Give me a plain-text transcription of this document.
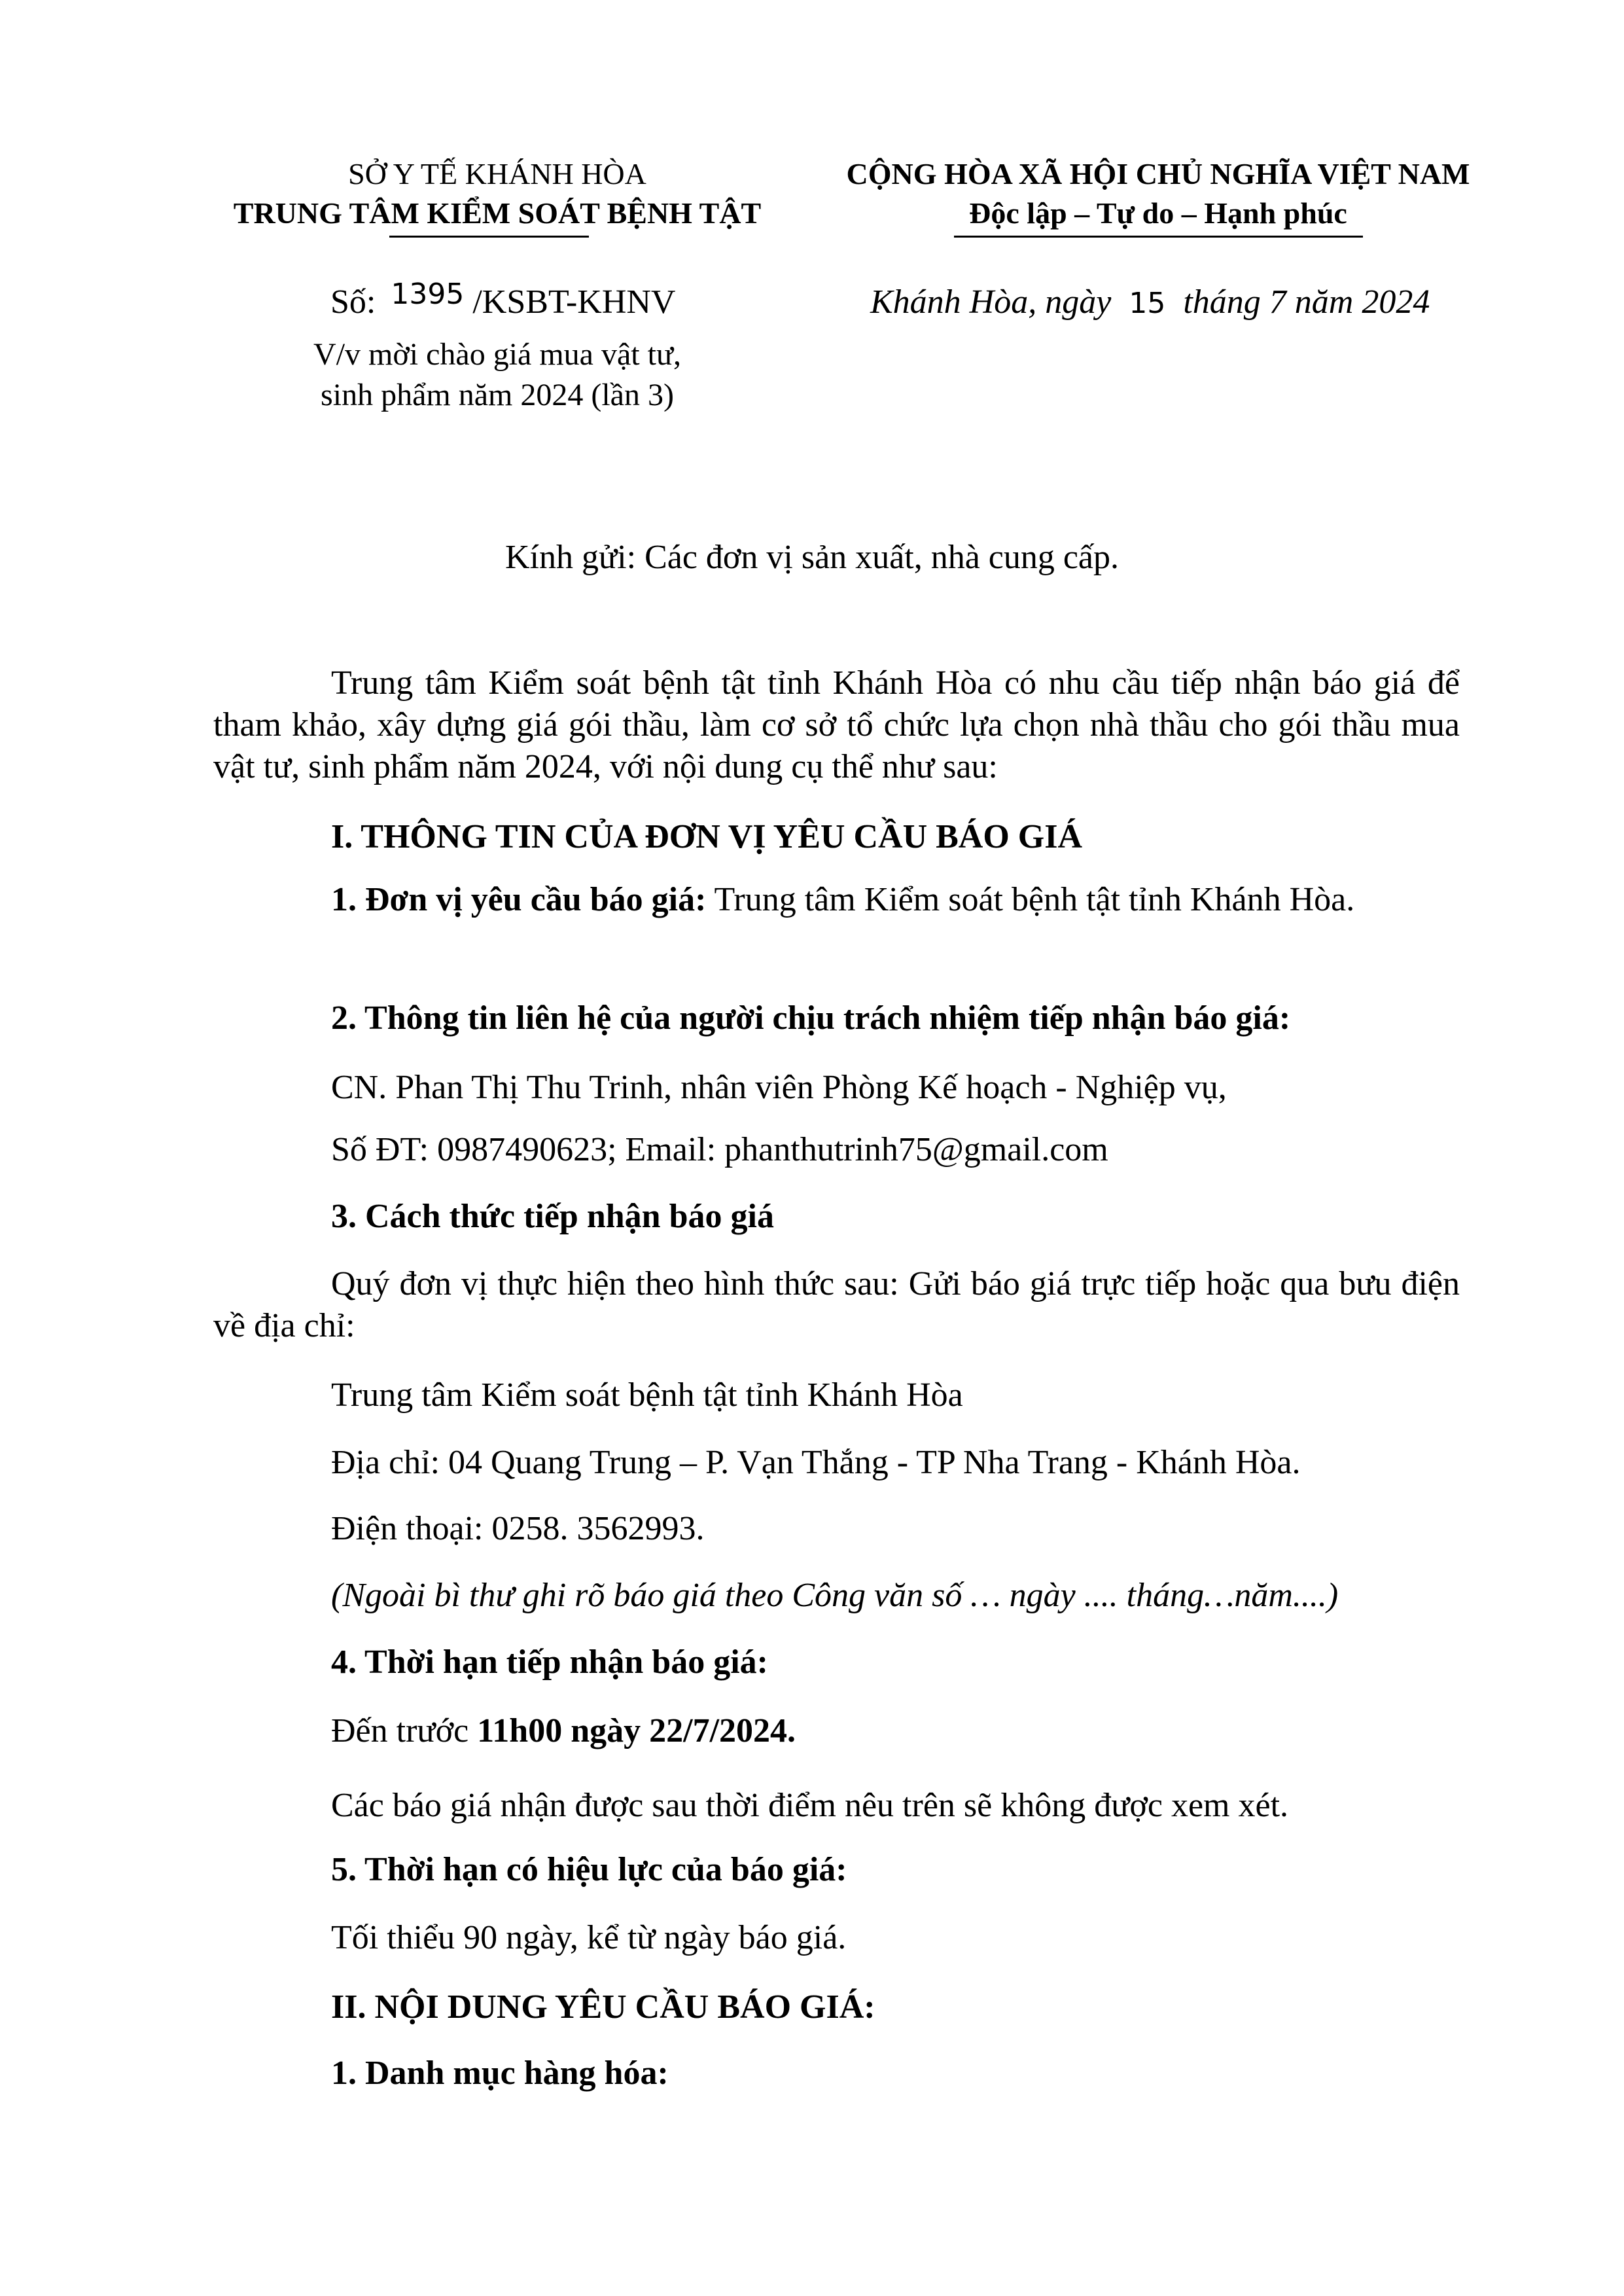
SỞ Y TẾ KHÁNH HÒA
TRUNG TÂM KIỂM SOÁT BỆNH TẬT
Số: $^{1395}$ /KSBT-KHNV
V/v mời chào giá mua vật tư,
sinh phẩm năm 2024 (lần 3)
CỘNG HÒA XÃ HỘI CHỦ NGHĨA VIỆT NAM
Độc lập – Tự do – Hạnh phúc
Khánh Hòa, ngày 15 tháng 7 năm 2024
Kính gửi: Các đơn vị sản xuất, nhà cung cấp.
Trung tâm Kiểm soát bệnh tật tỉnh Khánh Hòa có nhu cầu tiếp nhận báo giá để tham khảo, xây dựng giá gói thầu, làm cơ sở tổ chức lựa chọn nhà thầu cho gói thầu mua vật tư, sinh phẩm năm 2024, với nội dung cụ thể như sau:
I. THÔNG TIN CỦA ĐƠN VỊ YÊU CẦU BÁO GIÁ
1. Đơn vị yêu cầu báo giá: Trung tâm Kiểm soát bệnh tật tỉnh Khánh Hòa.
2. Thông tin liên hệ của người chịu trách nhiệm tiếp nhận báo giá:
CN. Phan Thị Thu Trinh, nhân viên Phòng Kế hoạch - Nghiệp vụ,
Số ĐT: 0987490623; Email: phanthutrinh75@gmail.com
3. Cách thức tiếp nhận báo giá
Quý đơn vị thực hiện theo hình thức sau: Gửi báo giá trực tiếp hoặc qua bưu điện về địa chỉ:
Trung tâm Kiểm soát bệnh tật tỉnh Khánh Hòa
Địa chỉ: 04 Quang Trung – P. Vạn Thắng - TP Nha Trang - Khánh Hòa.
Điện thoại: 0258. 3562993.
(Ngoài bì thư ghi rõ báo giá theo Công văn số … ngày .... tháng…năm....)
4. Thời hạn tiếp nhận báo giá:
Đến trước 11h00 ngày 22/7/2024.
Các báo giá nhận được sau thời điểm nêu trên sẽ không được xem xét.
5. Thời hạn có hiệu lực của báo giá:
Tối thiểu 90 ngày, kể từ ngày báo giá.
II. NỘI DUNG YÊU CẦU BÁO GIÁ:
1. Danh mục hàng hóa:
